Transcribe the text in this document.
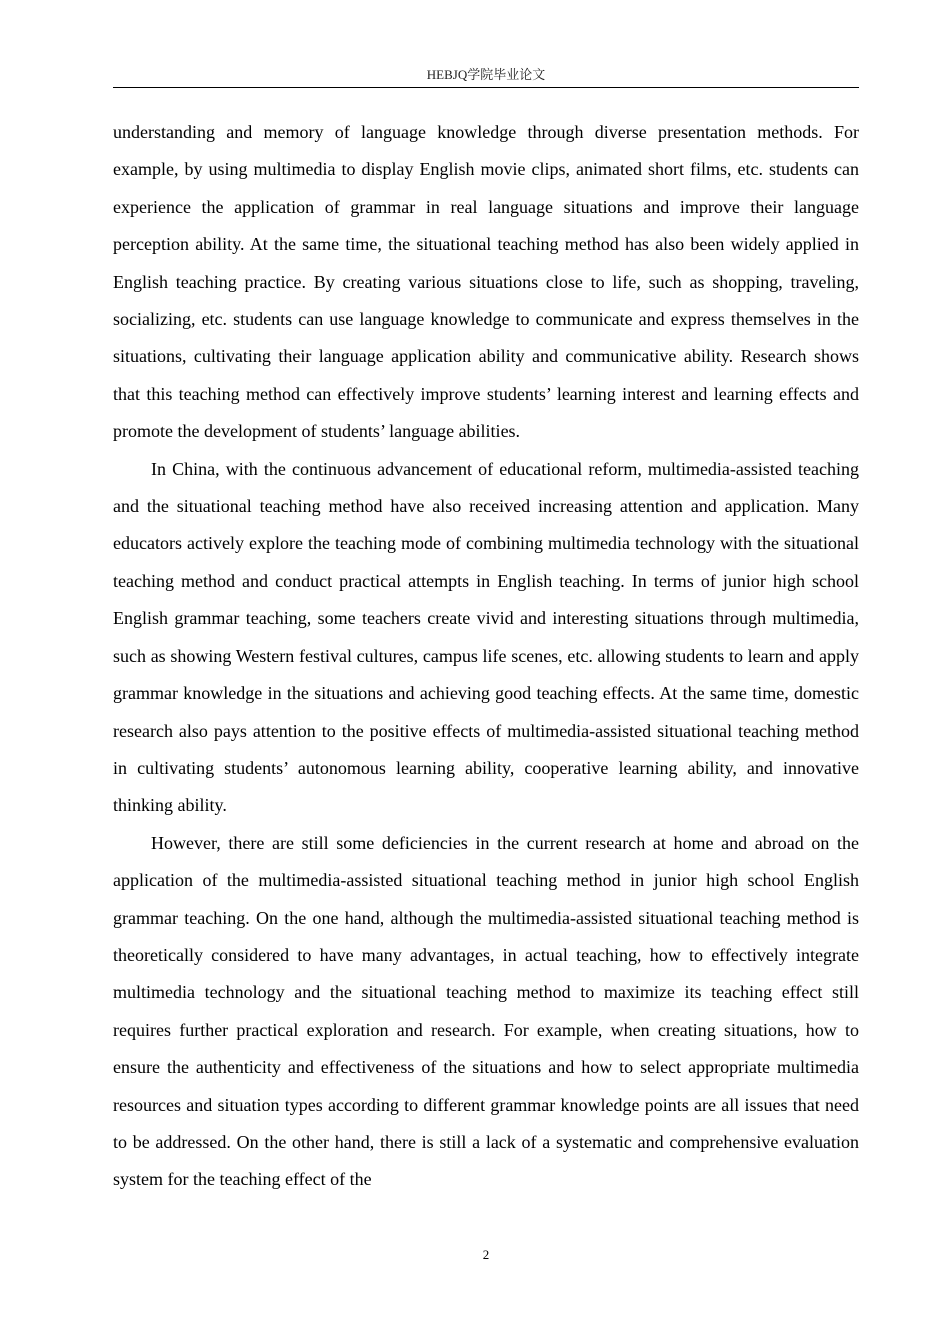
HEBJQ学院毕业论文

understanding and memory of language knowledge through diverse presentation methods. For example, by using multimedia to display English movie clips, animated short films, etc. students can experience the application of grammar in real language situations and improve their language perception ability. At the same time, the situational teaching method has also been widely applied in English teaching practice. By creating various situations close to life, such as shopping, traveling, socializing, etc. students can use language knowledge to communicate and express themselves in the situations, cultivating their language application ability and communicative ability. Research shows that this teaching method can effectively improve students’ learning interest and learning effects and promote the development of students’ language abilities.

In China, with the continuous advancement of educational reform, multimedia-assisted teaching and the situational teaching method have also received increasing attention and application. Many educators actively explore the teaching mode of combining multimedia technology with the situational teaching method and conduct practical attempts in English teaching. In terms of junior high school English grammar teaching, some teachers create vivid and interesting situations through multimedia, such as showing Western festival cultures, campus life scenes, etc. allowing students to learn and apply grammar knowledge in the situations and achieving good teaching effects. At the same time, domestic research also pays attention to the positive effects of multimedia-assisted situational teaching method in cultivating students’ autonomous learning ability, cooperative learning ability, and innovative thinking ability.

However, there are still some deficiencies in the current research at home and abroad on the application of the multimedia-assisted situational teaching method in junior high school English grammar teaching. On the one hand, although the multimedia-assisted situational teaching method is theoretically considered to have many advantages, in actual teaching, how to effectively integrate multimedia technology and the situational teaching method to maximize its teaching effect still requires further practical exploration and research. For example, when creating situations, how to ensure the authenticity and effectiveness of the situations and how to select appropriate multimedia resources and situation types according to different grammar knowledge points are all issues that need to be addressed. On the other hand, there is still a lack of a systematic and comprehensive evaluation system for the teaching effect of the

2
